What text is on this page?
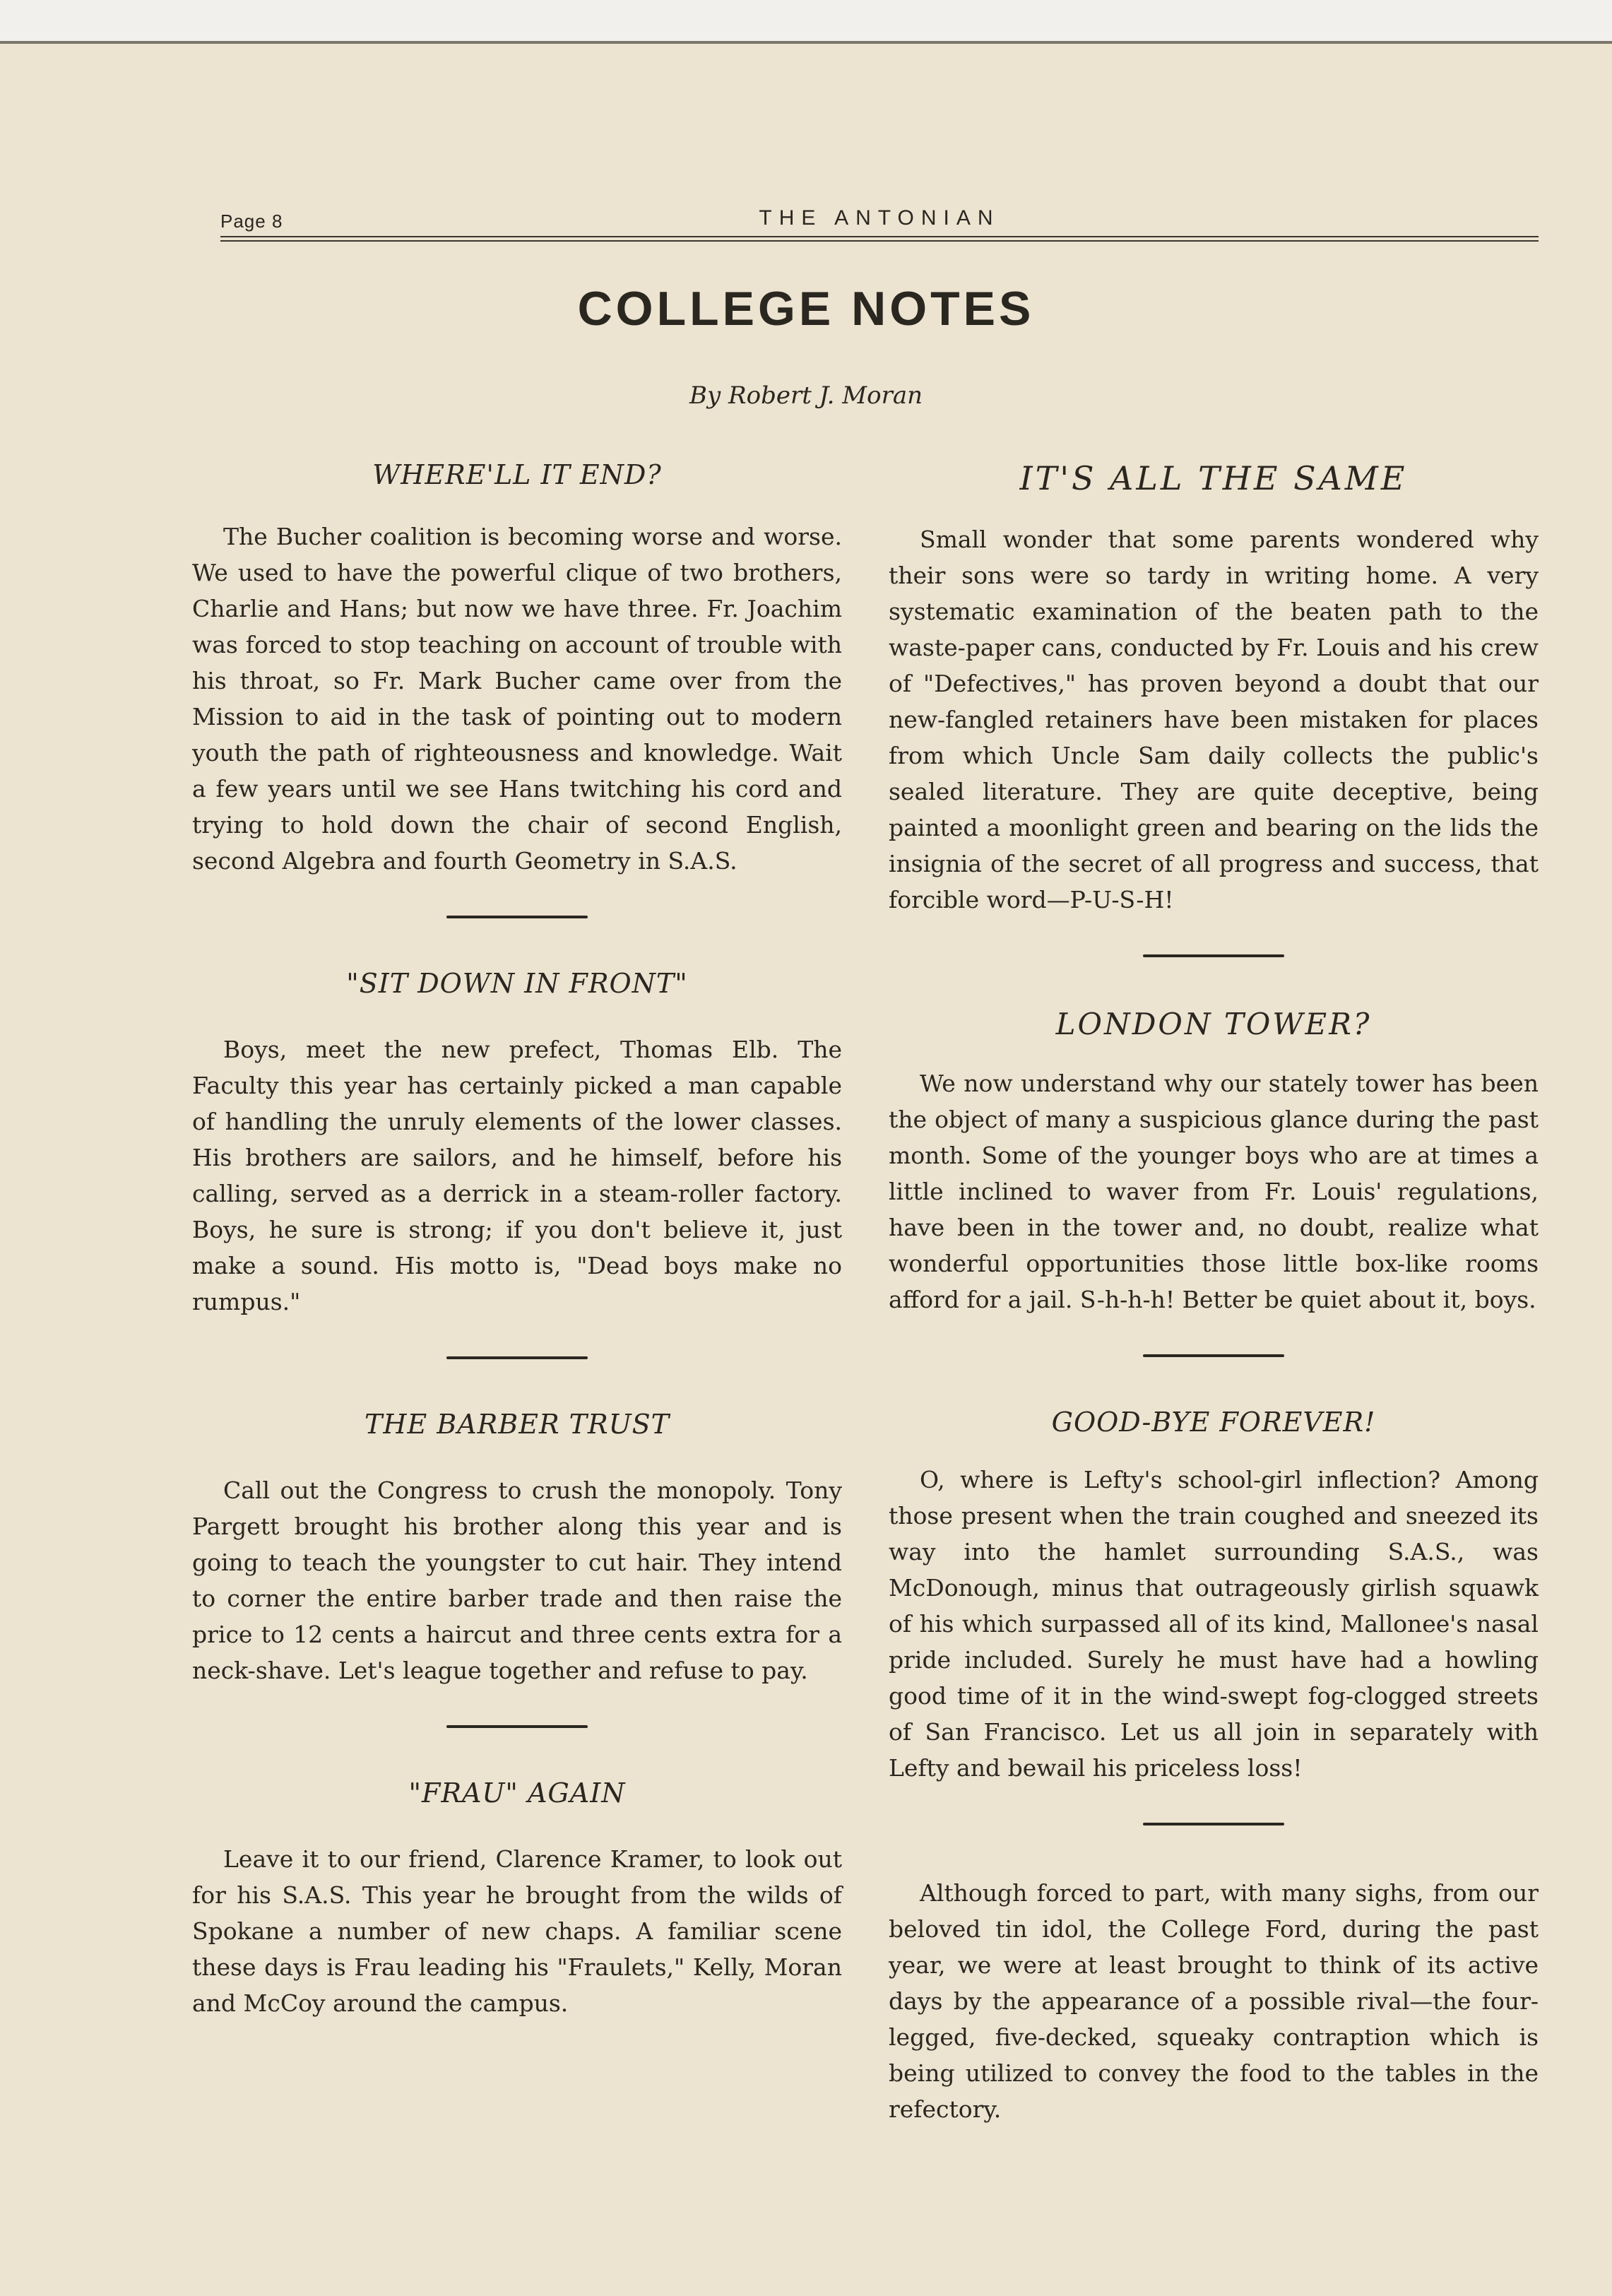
Page 8	THE ANTONIAN
COLLEGE NOTES
By Robert J. Moran
WHERE'LL IT END?

The Bucher coalition is becoming worse and worse. We used to have the powerful clique of two brothers, Charlie and Hans; but now we have three. Fr. Joachim was forced to stop teaching on account of trouble with his throat, so Fr. Mark Bucher came over from the Mission to aid in the task of pointing out to modern youth the path of righteousness and knowledge. Wait a few years until we see Hans twitching his cord and trying to hold down the chair of second English, second Algebra and fourth Geometry in S.A.S.

"SIT DOWN IN FRONT"

Boys, meet the new prefect, Thomas Elb. The Faculty this year has certainly picked a man capable of handling the unruly elements of the lower classes. His brothers are sailors, and he himself, before his calling, served as a derrick in a steam-roller factory. Boys, he sure is strong; if you don't believe it, just make a sound. His motto is, "Dead boys make no rumpus."

THE BARBER TRUST

Call out the Congress to crush the monopoly. Tony Pargett brought his brother along this year and is going to teach the youngster to cut hair. They intend to corner the entire barber trade and then raise the price to 12 cents a haircut and three cents extra for a neck-shave. Let's league together and refuse to pay.

"FRAU" AGAIN

Leave it to our friend, Clarence Kramer, to look out for his S.A.S. This year he brought from the wilds of Spokane a number of new chaps. A familiar scene these days is Frau leading his "Fraulets," Kelly, Moran and McCoy around the campus.

IT'S ALL THE SAME

Small wonder that some parents wondered why their sons were so tardy in writing home. A very systematic examination of the beaten path to the waste-paper cans, conducted by Fr. Louis and his crew of "Defectives," has proven beyond a doubt that our new-fangled retainers have been mistaken for places from which Uncle Sam daily collects the public's sealed literature. They are quite deceptive, being painted a moonlight green and bearing on the lids the insignia of the secret of all progress and success, that forcible word—P-U-S-H!

LONDON TOWER?

We now understand why our stately tower has been the object of many a suspicious glance during the past month. Some of the younger boys who are at times a little inclined to waver from Fr. Louis' regulations, have been in the tower and, no doubt, realize what wonderful opportunities those little box-like rooms afford for a jail. S-h-h-h! Better be quiet about it, boys.

GOOD-BYE FOREVER!

O, where is Lefty's school-girl inflection? Among those present when the train coughed and sneezed its way into the hamlet surrounding S.A.S., was McDonough, minus that outrageously girlish squawk of his which surpassed all of its kind, Mallonee's nasal pride included. Surely he must have had a howling good time of it in the wind-swept fog-clogged streets of San Francisco. Let us all join in separately with Lefty and bewail his priceless loss!

Although forced to part, with many sighs, from our beloved tin idol, the College Ford, during the past year, we were at least brought to think of its active days by the appearance of a possible rival—the four-legged, five-decked, squeaky contraption which is being utilized to convey the food to the tables in the refectory.
